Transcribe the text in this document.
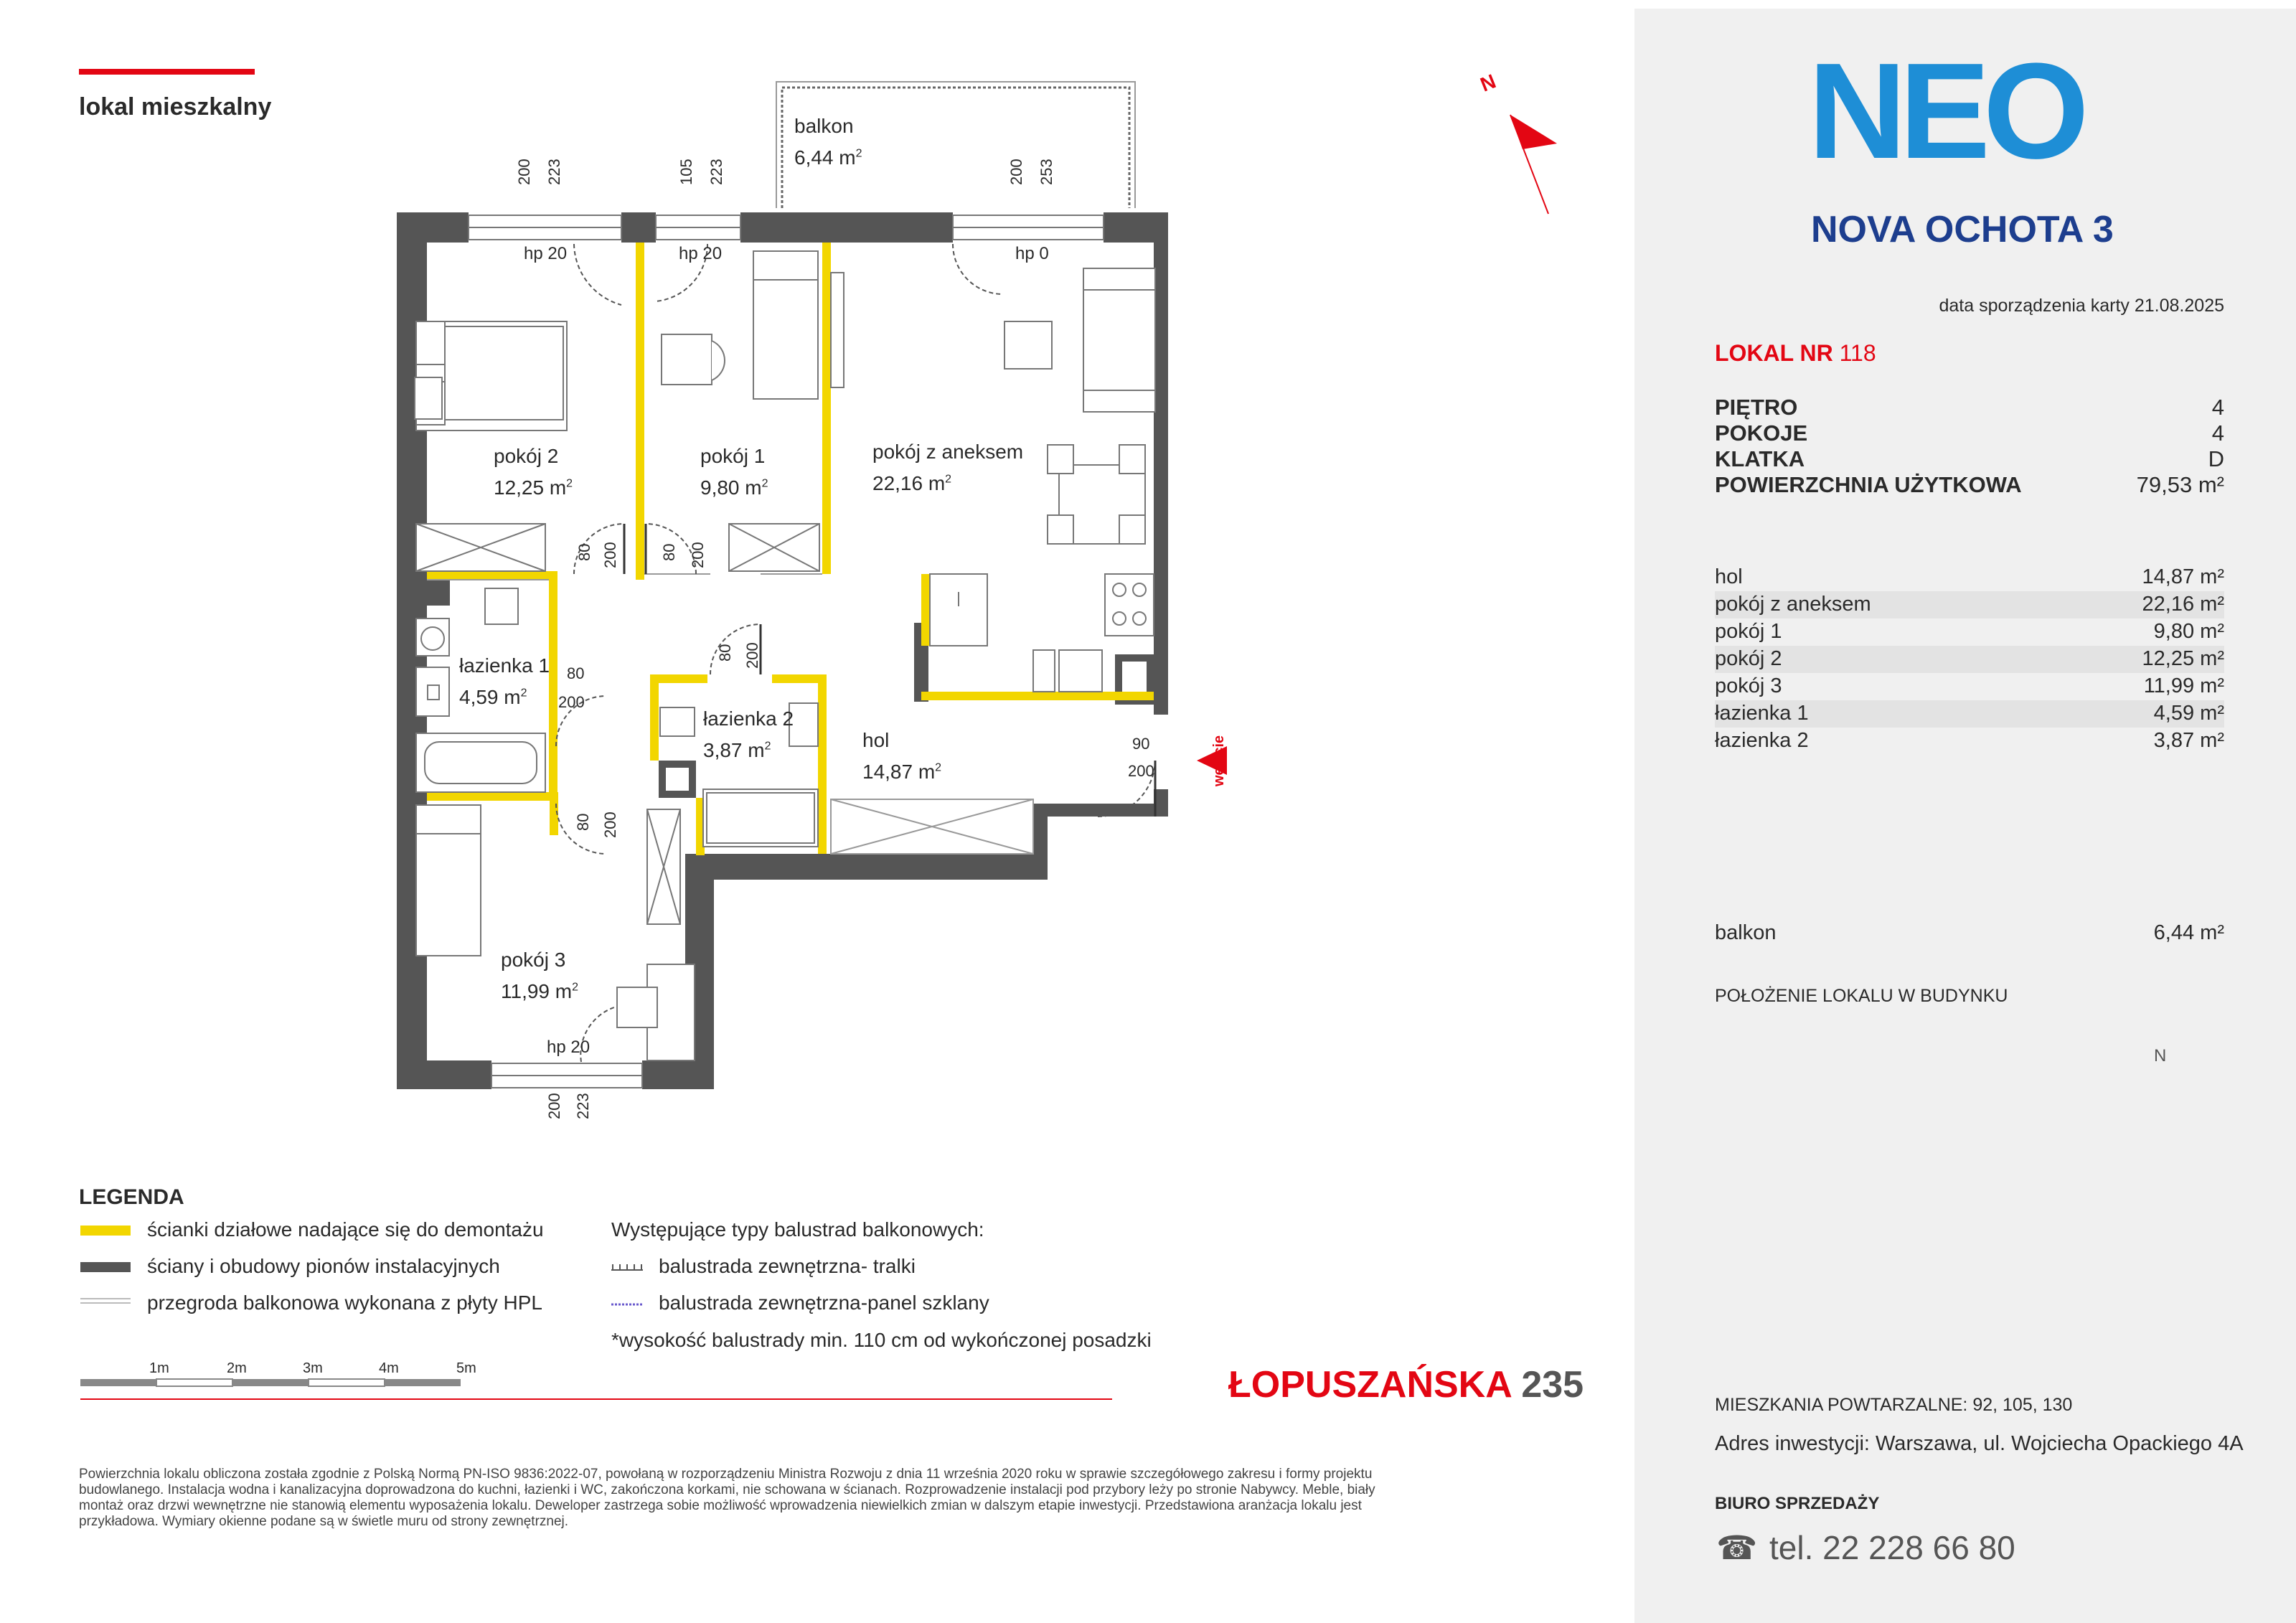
lokal mieszkalny
balkon
6,44 $m^2$
pokój 2
12,25 $m^2$
pokój 1
9,80 $m^2$
pokój z aneksem
22,16 $m^2$
łazienka 1
4,59 $m^2$
łazienka 2
3,87 $m^2$	hol
14,87 $m^2$
pokój 3
11,99 $m^2$
hp 20	hp 20	hp 0
hp 20
200 223	105 223	200 253
200 223
80 200	80 200
80 200
80
200
80 200
90
200
N
wejście
LEGENDA
ścianki działowe nadające się do demontażu
ściany i obudowy pionów instalacyjnych
przegroda balkonowa wykonana z płyty HPL
Występujące typy balustrad balkonowych:
balustrada zewnętrzna- tralki
balustrada zewnętrzna-panel szklany
*wysokość balustrady min. 110 cm od wykończonej posadzki
1m	2m	3m	4m	5m	ŁOPUSZAŃSKA 235
Powierzchnia lokalu obliczona została zgodnie z Polską Normą PN-ISO 9836:2022-07, powołaną w rozporządzeniu Ministra Rozwoju z dnia 11 września 2020 roku w sprawie szczegółowego zakresu i formy projektu
budowlanego. Instalacja wodna i kanalizacyjna doprowadzona do kuchni, łazienki i WC, zakończona korkami, nie schowana w ścianach. Rozprowadzenie instalacji pod przybory leży po stronie Nabywcy. Meble, biały
montaż oraz drzwi wewnętrzne nie stanowią elementu wyposażenia lokalu. Deweloper zastrzega sobie możliwość wprowadzenia niewielkich zmian w dalszym etapie inwestycji. Przedstawiona aranżacja lokalu jest
przykładowa. Wymiary okienne podane są w świetle muru od strony zewnętrznej.
NEO
NOVA OCHOTA 3
data sporządzenia karty 21.08.2025
LOKAL NR 118
PIĘTRO	4
POKOJE	4
KLATKA	D
POWIERZCHNIA UŻYTKOWA	79,53 m²
hol	14,87 m²
pokój z aneksem	22,16 m²
pokój 1	9,80 m²
pokój 2	12,25 m²
pokój 3	11,99 m²
łazienka 1	4,59 m²
łazienka 2	3,87 m²
balkon	6,44 m²
POŁOŻENIE LOKALU W BUDYNKU
N
MIESZKANIA POWTARZALNE: 92, 105, 130
Adres inwestycji: Warszawa, ul. Wojciecha Opackiego 4A
BIURO SPRZEDAŻY
☎ tel. 22 228 66 80
